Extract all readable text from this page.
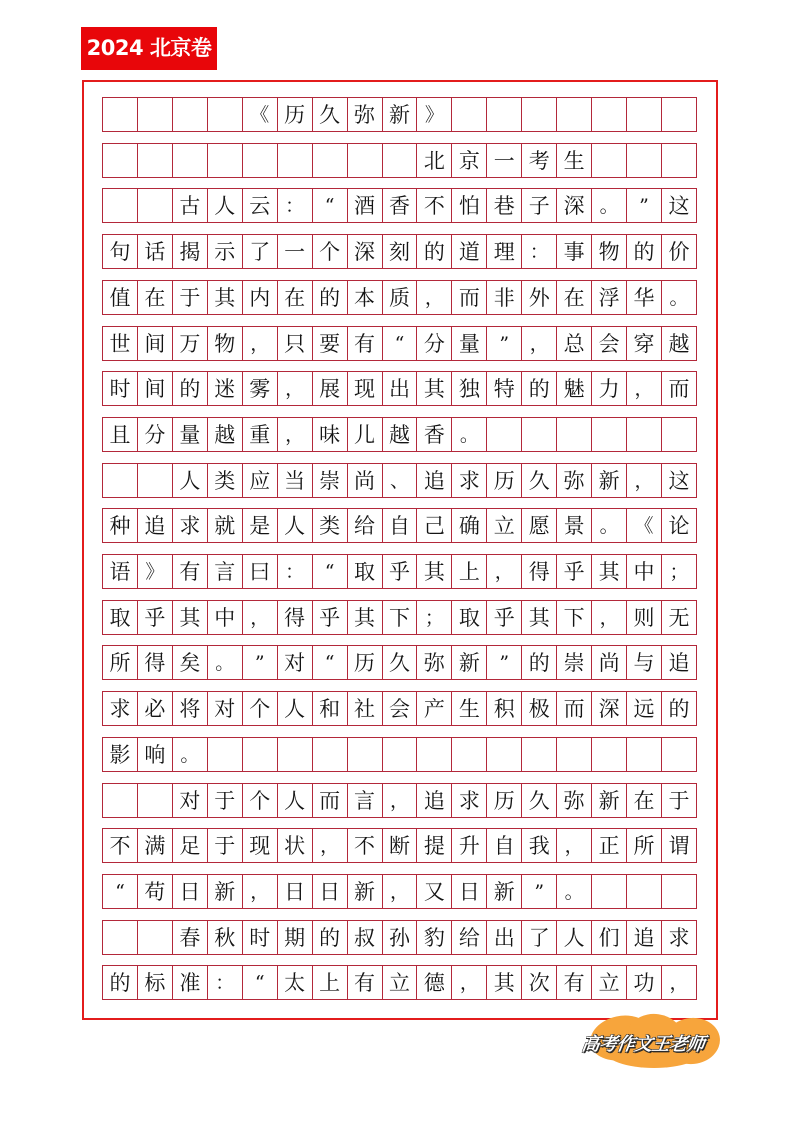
2024 北京卷
《 历 久 弥 新 》
北 京 一 考 生
古 人 云 ：	“ 酒 香 不 怕 巷 子 深 。	” 这
句 话 揭 示 了 一 个 深 刻 的 道 理 ： 事 物 的 价
值 在 于 其 内 在 的 本 质 ， 而 非 外 在 浮 华 。
世 间 万 物 ， 只 要 有	“ 分 量	”	， 总 会 穿 越
时 间 的 迷 雾 ， 展 现 出 其 独 特 的 魅 力 ， 而
且 分 量 越 重 ， 味 儿 越 香 。
人 类 应 当 崇 尚 、 追 求 历 久 弥 新 ， 这
种 追 求 就 是 人 类 给 自 己 确 立 愿 景 。 《 论
语 》 有 言 曰 ：	“ 取 乎 其 上 ， 得 乎 其 中 ；
取 乎 其 中 ， 得 乎 其 下 ； 取 乎 其 下 ， 则 无
所 得 矣 。	” 对	“ 历 久 弥 新	” 的 崇 尚 与 追
求 必 将 对 个 人 和 社 会 产 生 积 极 而 深 远 的
影 响 。
对 于 个 人 而 言 ， 追 求 历 久 弥 新 在 于
不 满 足 于 现 状 ， 不 断 提 升 自 我 ， 正 所 谓
“ 苟 日 新 ， 日 日 新 ， 又 日 新	”	。
春 秋 时 期 的 叔 孙 豹 给 出 了 人 们 追 求
的 标 准 ：	“ 太 上 有 立 德 ， 其 次 有 立 功 ，
高考作文王老师
